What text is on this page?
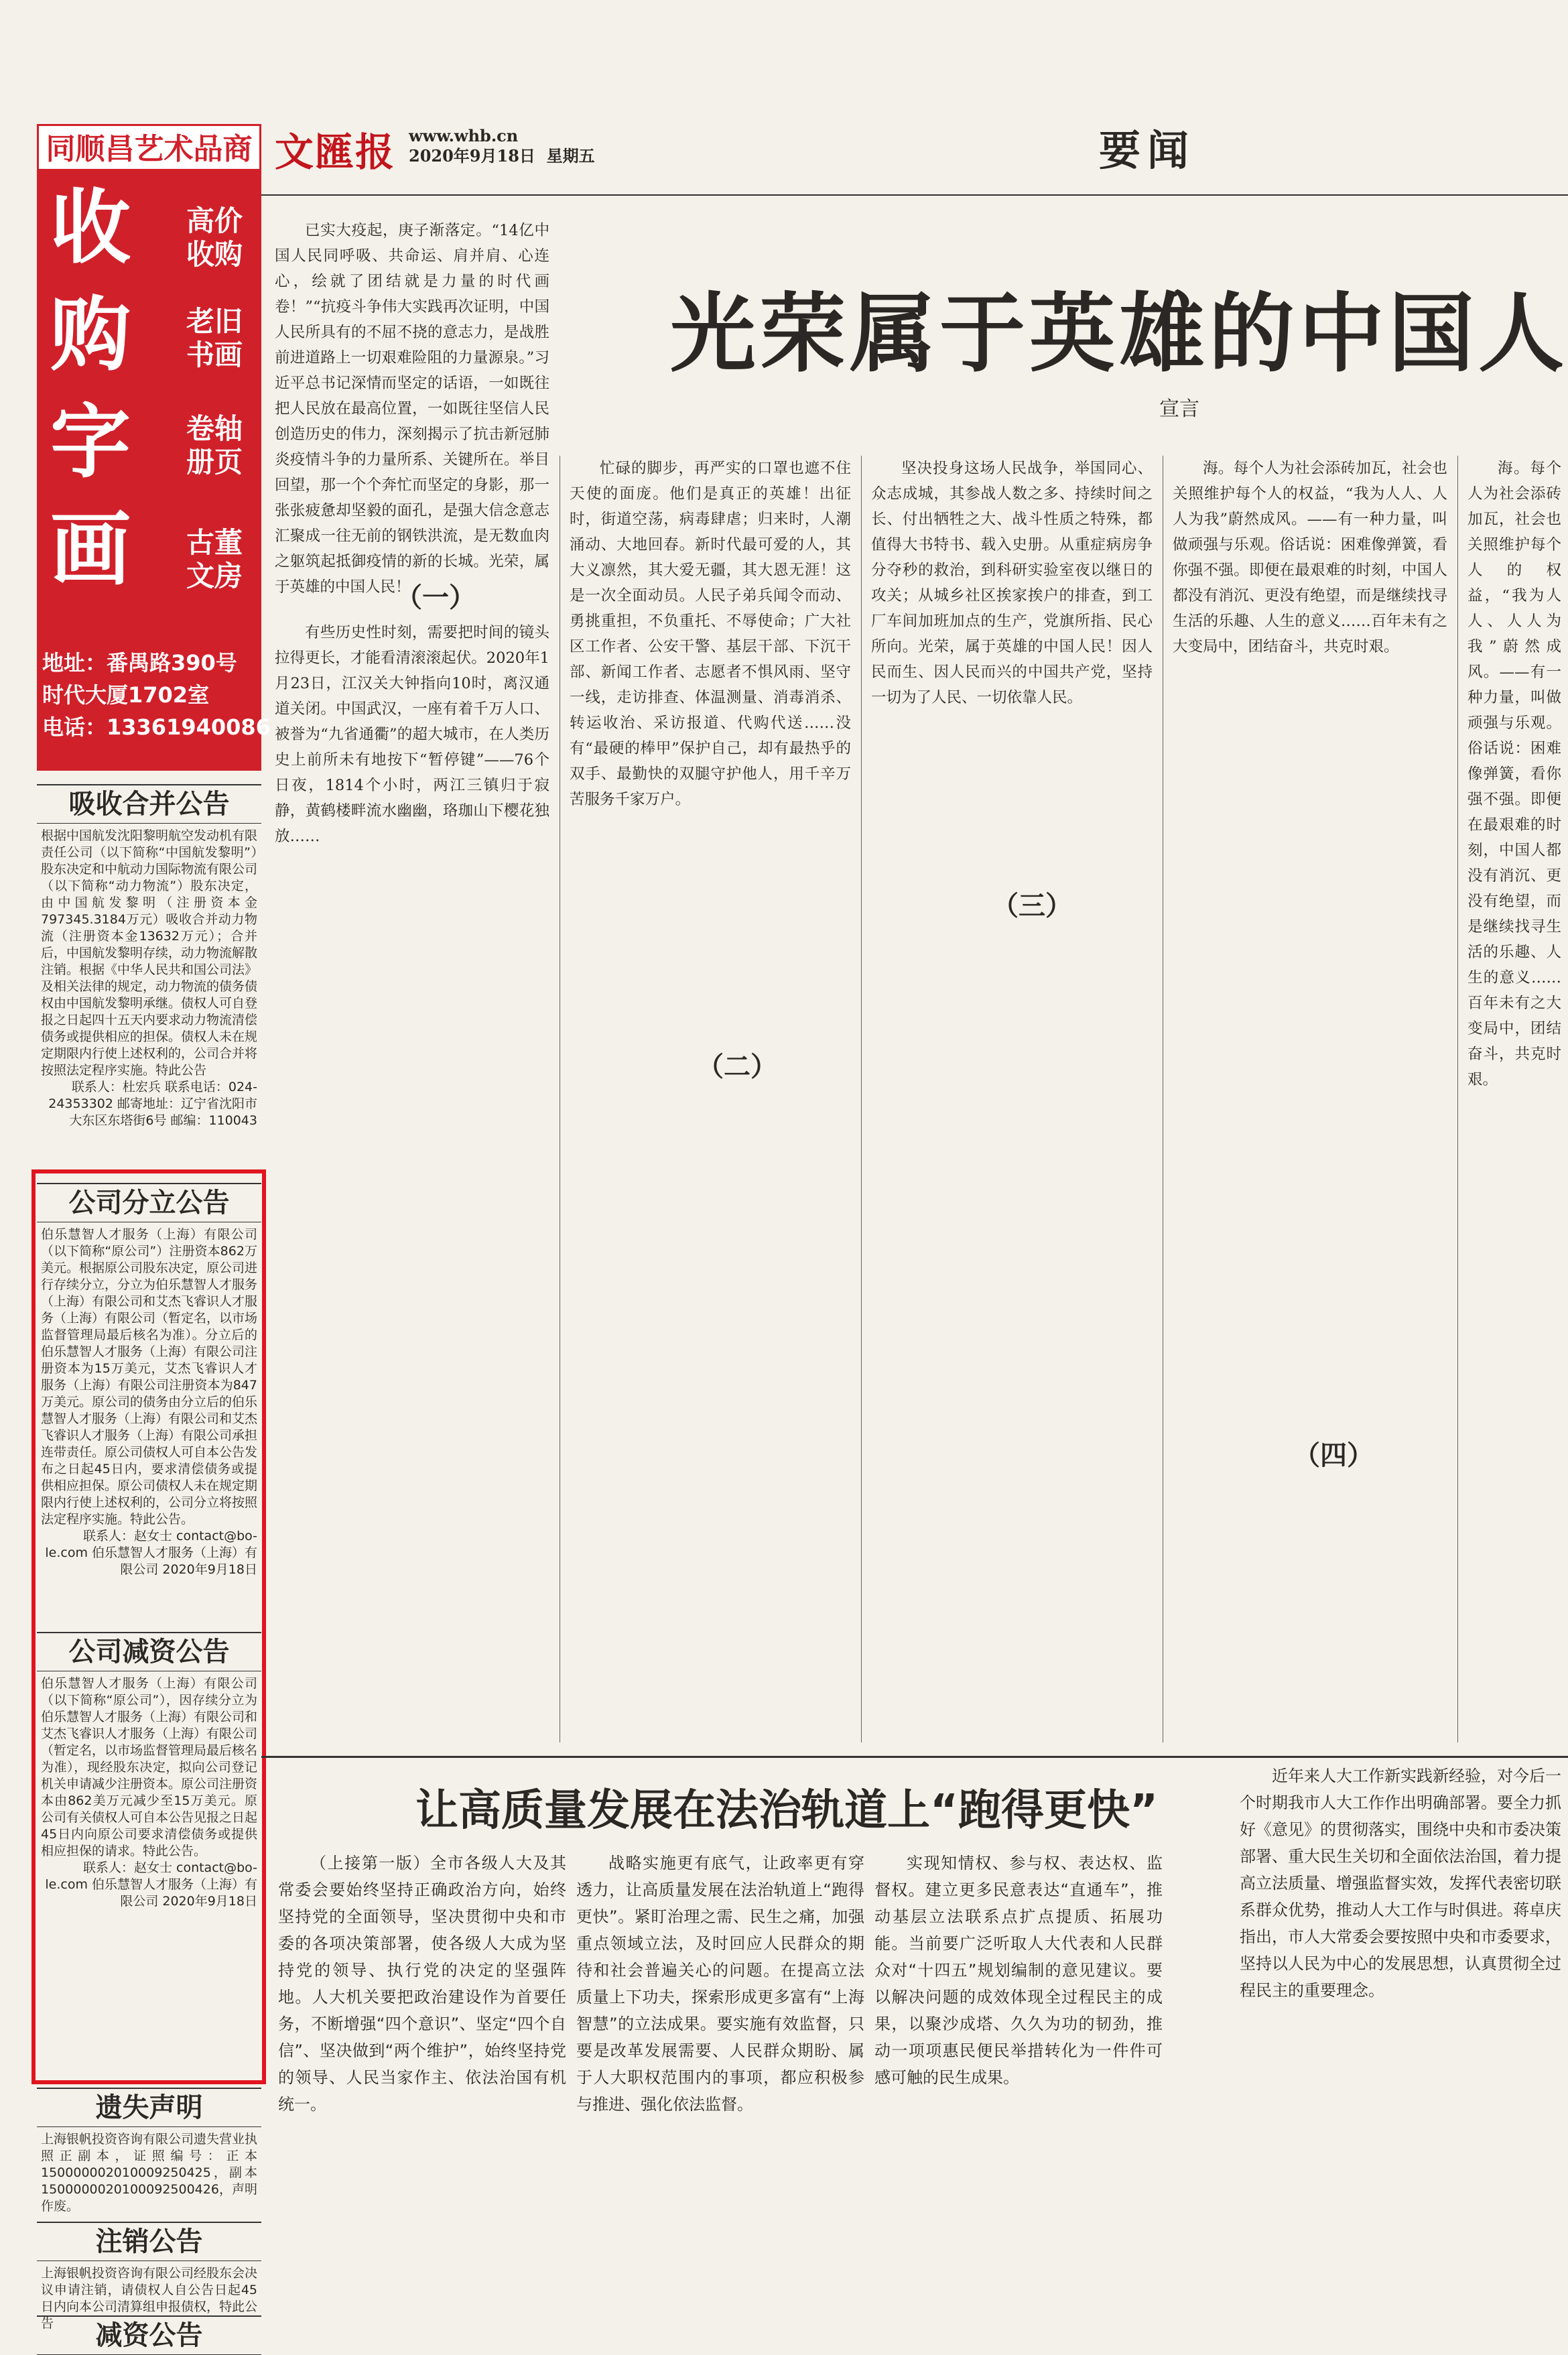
同顺昌艺术品商行
收
购
字
画
高价收购
老旧书画
卷轴册页
古董文房
地址：番禺路390号
时代大厦1702室
电话：13361940086
吸收合并公告

根据中国航发沈阳黎明航空发动机有限责任公司（以下简称“中国航发黎明”）股东决定和中航动力国际物流有限公司（以下简称“动力物流”）股东决定，由中国航发黎明（注册资本金797345.3184万元）吸收合并动力物流（注册资本金13632万元）；合并后，中国航发黎明存续，动力物流解散注销。根据《中华人民共和国公司法》及相关法律的规定，动力物流的债务债权由中国航发黎明承继。债权人可自登报之日起四十五天内要求动力物流清偿债务或提供相应的担保。债权人未在规定期限内行使上述权利的，公司合并将按照法定程序实施。特此公告

联系人：杜宏兵 联系电话：024-24353302 邮寄地址：辽宁省沈阳市大东区东塔街6号 邮编：110043

公司分立公告

伯乐慧智人才服务（上海）有限公司（以下简称“原公司”）注册资本862万美元。根据原公司股东决定，原公司进行存续分立，分立为伯乐慧智人才服务（上海）有限公司和艾杰飞睿识人才服务（上海）有限公司（暂定名，以市场监督管理局最后核名为准）。分立后的伯乐慧智人才服务（上海）有限公司注册资本为15万美元，艾杰飞睿识人才服务（上海）有限公司注册资本为847万美元。原公司的债务由分立后的伯乐慧智人才服务（上海）有限公司和艾杰飞睿识人才服务（上海）有限公司承担连带责任。原公司债权人可自本公告发布之日起45日内，要求清偿债务或提供相应担保。原公司债权人未在规定期限内行使上述权利的，公司分立将按照法定程序实施。特此公告。

联系人：赵女士 contact@bo-le.com 伯乐慧智人才服务（上海）有限公司 2020年9月18日

公司减资公告

伯乐慧智人才服务（上海）有限公司（以下简称“原公司”），因存续分立为伯乐慧智人才服务（上海）有限公司和艾杰飞睿识人才服务（上海）有限公司（暂定名，以市场监督管理局最后核名为准），现经股东决定，拟向公司登记机关申请减少注册资本。原公司注册资本由862美万元减少至15万美元。原公司有关债权人可自本公告见报之日起45日内向原公司要求清偿债务或提供相应担保的请求。特此公告。

联系人：赵女士 contact@bo-le.com 伯乐慧智人才服务（上海）有限公司 2020年9月18日

遗失声明

上海银帆投资咨询有限公司遗失营业执照正副本，证照编号：正本150000002010009250425，副本1500000020100092500426，声明作废。

注销公告

上海银帆投资咨询有限公司经股东会决议申请注销，请债权人自公告日起45日内向本公司清算组申报债权，特此公告	减资公告
文匯报 www.whb.cn
2020年9月18日  星期五	要闻
光荣属于英雄的中国人
宣言

已实大疫起，庚子渐落定。“14亿中国人民同呼吸、共命运、肩并肩、心连心，绘就了团结就是力量的时代画卷！”“抗疫斗争伟大实践再次证明，中国人民所具有的不屈不挠的意志力，是战胜前进道路上一切艰难险阻的力量源泉。”习近平总书记深情而坚定的话语，一如既往把人民放在最高位置，一如既往坚信人民创造历史的伟力，深刻揭示了抗击新冠肺炎疫情斗争的力量所系、关键所在。举目回望，那一个个奔忙而坚定的身影，那一张张疲惫却坚毅的面孔，是强大信念意志汇聚成一往无前的钢铁洪流，是无数血肉之躯筑起抵御疫情的新的长城。光荣，属于英雄的中国人民！

（一）

有些历史性时刻，需要把时间的镜头拉得更长，才能看清滚滚起伏。2020年1月23日，江汉关大钟指向10时，离汉通道关闭。中国武汉，一座有着千万人口、被誉为“九省通衢”的超大城市，在人类历史上前所未有地按下“暂停键”——76个日夜，1814个小时，两江三镇归于寂静，黄鹤楼畔流水幽幽，珞珈山下樱花独放……

忙碌的脚步，再严实的口罩也遮不住天使的面庞。他们是真正的英雄！出征时，街道空荡，病毒肆虐；归来时，人潮涌动、大地回春。新时代最可爱的人，其大义凛然，其大爱无疆，其大恩无涯！这是一次全面动员。人民子弟兵闻令而动、勇挑重担，不负重托、不辱使命；广大社区工作者、公安干警、基层干部、下沉干部、新闻工作者、志愿者不惧风雨、坚守一线，走访排查、体温测量、消毒消杀、转运收治、采访报道、代购代送……没有“最硬的棒甲”保护自己，却有最热乎的双手、最勤快的双腿守护他人，用千辛万苦服务千家万户。

（二）

坚决投身这场人民战争，举国同心、众志成城，其参战人数之多、持续时间之长、付出牺牲之大、战斗性质之特殊，都值得大书特书、载入史册。从重症病房争分夺秒的救治，到科研实验室夜以继日的攻关；从城乡社区挨家挨户的排查，到工厂车间加班加点的生产，党旗所指、民心所向。光荣，属于英雄的中国人民！因人民而生、因人民而兴的中国共产党，坚持一切为了人民、一切依靠人民。

（三）

海。每个人为社会添砖加瓦，社会也关照维护每个人的权益，“我为人人、人人为我”蔚然成风。——有一种力量，叫做顽强与乐观。俗话说：困难像弹簧，看你强不强。即便在最艰难的时刻，中国人都没有消沉、更没有绝望，而是继续找寻生活的乐趣、人生的意义……百年未有之大变局中，团结奋斗，共克时艰。

（四）

海。每个人为社会添砖加瓦，社会也关照维护每个人的权益，“我为人人、人人为我”蔚然成风。——有一种力量，叫做顽强与乐观。俗话说：困难像弹簧，看你强不强。即便在最艰难的时刻，中国人都没有消沉、更没有绝望，而是继续找寻生活的乐趣、人生的意义……百年未有之大变局中，团结奋斗，共克时艰。

让高质量发展在法治轨道上“跑得更快”

（上接第一版）全市各级人大及其常委会要始终坚持正确政治方向，始终坚持党的全面领导，坚决贯彻中央和市委的各项决策部署，使各级人大成为坚持党的领导、执行党的决定的坚强阵地。人大机关要把政治建设作为首要任务，不断增强“四个意识”、坚定“四个自信”、坚决做到“两个维护”，始终坚持党的领导、人民当家作主、依法治国有机统一。

战略实施更有底气，让政率更有穿透力，让高质量发展在法治轨道上“跑得更快”。紧盯治理之需、民生之痛，加强重点领域立法，及时回应人民群众的期待和社会普遍关心的问题。在提高立法质量上下功夫，探索形成更多富有“上海智慧”的立法成果。要实施有效监督，只要是改革发展需要、人民群众期盼、属于人大职权范围内的事项，都应积极参与推进、强化依法监督。

实现知情权、参与权、表达权、监督权。建立更多民意表达“直通车”，推动基层立法联系点扩点提质、拓展功能。当前要广泛听取人大代表和人民群众对“十四五”规划编制的意见建议。要以解决问题的成效体现全过程民主的成果，以聚沙成塔、久久为功的韧劲，推动一项项惠民便民举措转化为一件件可感可触的民生成果。

近年来人大工作新实践新经验，对今后一个时期我市人大工作作出明确部署。要全力抓好《意见》的贯彻落实，围绕中央和市委决策部署、重大民生关切和全面依法治国，着力提高立法质量、增强监督实效，发挥代表密切联系群众优势，推动人大工作与时俱进。蒋卓庆指出，市人大常委会要按照中央和市委要求，坚持以人民为中心的发展思想，认真贯彻全过程民主的重要理念。
